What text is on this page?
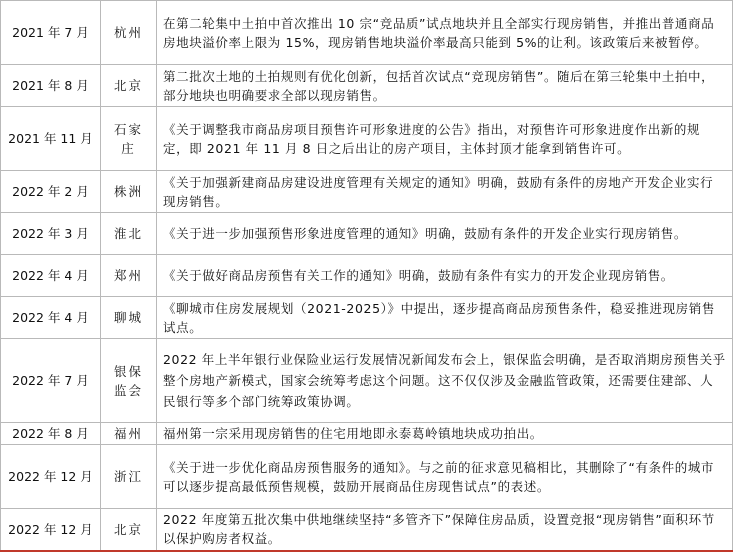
2021 年 7 月	杭州	在第二轮集中土拍中首次推出 10 宗“竞品质”试点地块并且全部实行现房销售，并推出普通商品房地块溢价率上限为 15%，现房销售地块溢价率最高只能到 5%的让利。该政策后来被暂停。
2021 年 8 月	北京	第二批次土地的土拍规则有优化创新，包括首次试点“竞现房销售”。随后在第三轮集中土拍中，部分地块也明确要求全部以现房销售。
2021 年 11 月	石家庄	《关于调整我市商品房项目预售许可形象进度的公告》指出，对预售许可形象进度作出新的规定，即 2021 年 11 月 8 日之后出让的房产项目，主体封顶才能拿到销售许可。
2022 年 2 月	株洲	《关于加强新建商品房建设进度管理有关规定的通知》明确，鼓励有条件的房地产开发企业实行现房销售。
2022 年 3 月	淮北	《关于进一步加强预售形象进度管理的通知》明确，鼓励有条件的开发企业实行现房销售。
2022 年 4 月	郑州	《关于做好商品房预售有关工作的通知》明确，鼓励有条件有实力的开发企业现房销售。
2022 年 4 月	聊城	《聊城市住房发展规划（2021-2025）》中提出，逐步提高商品房预售条件，稳妥推进现房销售试点。
2022 年 7 月	银保监会	2022 年上半年银行业保险业运行发展情况新闻发布会上，银保监会明确，是否取消期房预售关乎整个房地产新模式，国家会统筹考虑这个问题。这不仅仅涉及金融监管政策，还需要住建部、人民银行等多个部门统筹政策协调。
2022 年 8 月	福州	福州第一宗采用现房销售的住宅用地即永泰葛岭镇地块成功拍出。
2022 年 12 月	浙江	《关于进一步优化商品房预售服务的通知》。与之前的征求意见稿相比，其删除了“有条件的城市可以逐步提高最低预售规模，鼓励开展商品住房现售试点”的表述。
2022 年 12 月	北京	2022 年度第五批次集中供地继续坚持“多管齐下”保障住房品质，设置竞报“现房销售”面积环节以保护购房者权益。
